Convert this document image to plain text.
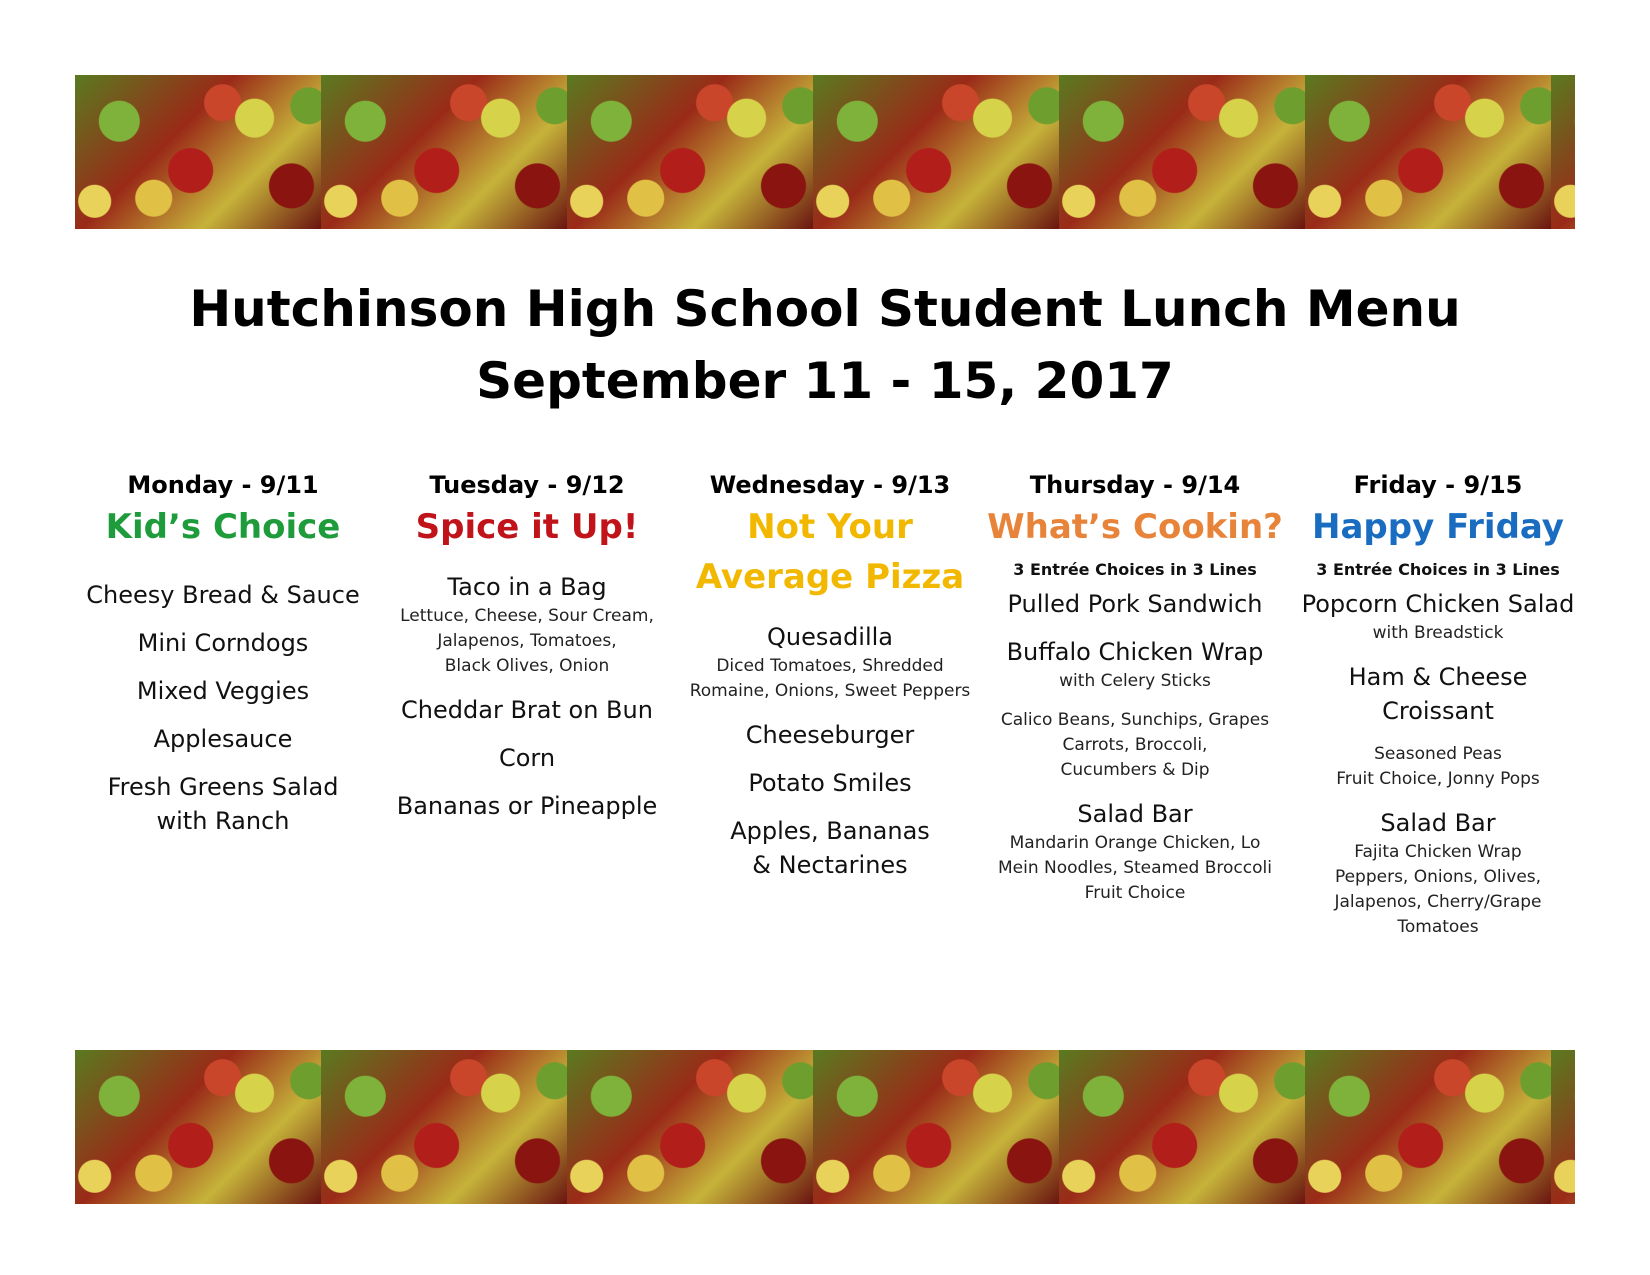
Hutchinson High School Student Lunch Menu
September 11 - 15, 2017
Monday - 9/11
Kid’s Choice
Cheesy Bread & Sauce
Mini Corndogs
Mixed Veggies
Applesauce
Fresh Greens Salad
with Ranch
Tuesday - 9/12
Spice it Up!
Taco in a Bag
Lettuce, Cheese, Sour Cream,
Jalapenos, Tomatoes,
Black Olives, Onion
Cheddar Brat on Bun
Corn
Bananas or Pineapple
Wednesday - 9/13
Not Your
Average Pizza
Quesadilla
Diced Tomatoes, Shredded
Romaine, Onions, Sweet Peppers
Cheeseburger
Potato Smiles
Apples, Bananas
& Nectarines
Thursday - 9/14
What’s Cookin?
3 Entrée Choices in 3 Lines
Pulled Pork Sandwich
Buffalo Chicken Wrap
with Celery Sticks
Calico Beans, Sunchips, Grapes
Carrots, Broccoli,
Cucumbers & Dip
Salad Bar
Mandarin Orange Chicken, Lo
Mein Noodles, Steamed Broccoli
Fruit Choice
Friday - 9/15
Happy Friday
3 Entrée Choices in 3 Lines
Popcorn Chicken Salad
with Breadstick
Ham & Cheese
Croissant
Seasoned Peas
Fruit Choice, Jonny Pops
Salad Bar
Fajita Chicken Wrap
Peppers, Onions, Olives,
Jalapenos, Cherry/Grape
Tomatoes
